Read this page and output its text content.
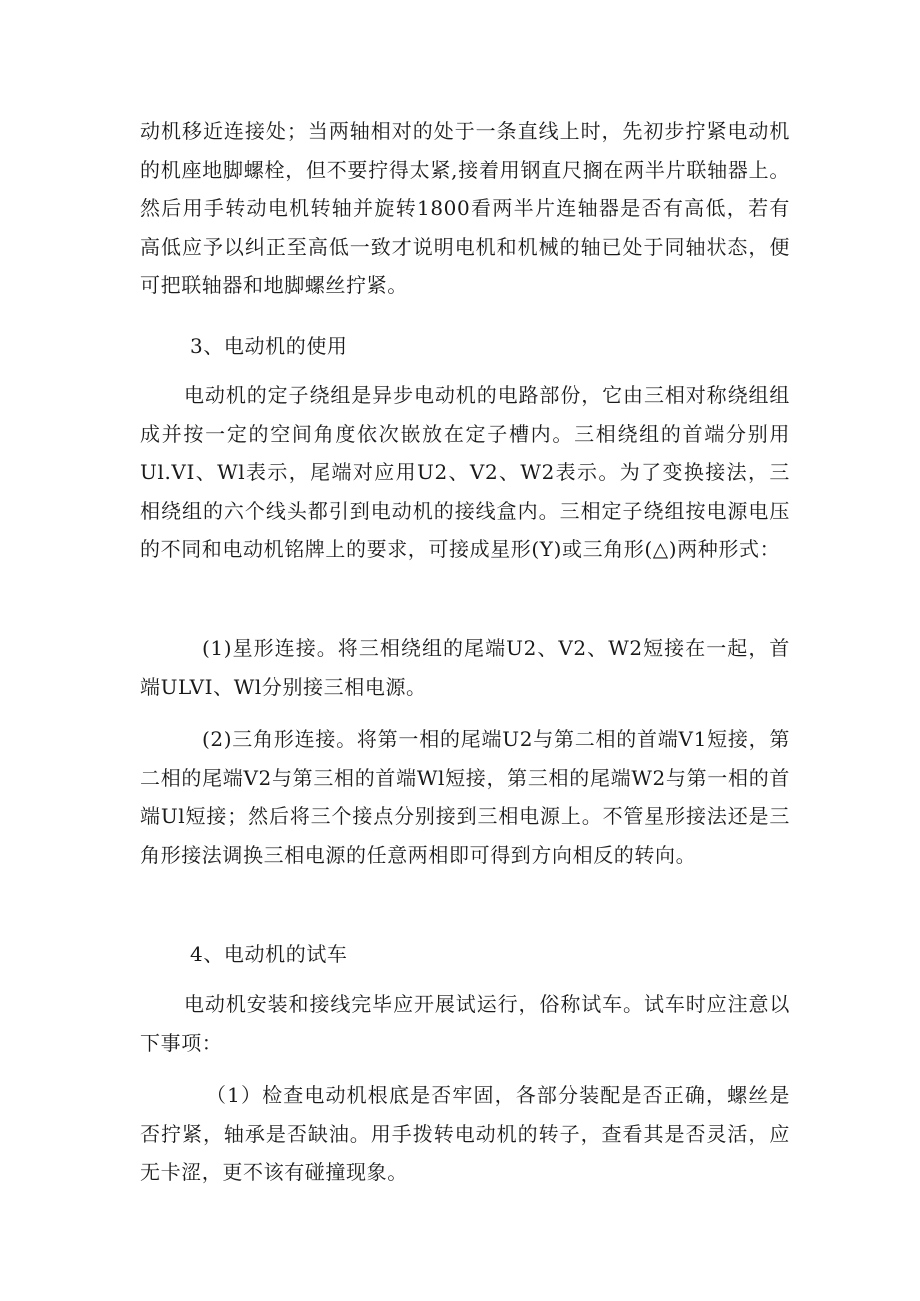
动机移近连接处；当两轴相对的处于一条直线上时，先初步拧紧电动机的机座地脚螺栓，但不要拧得太紧,接着用钢直尺搁在两半片联轴器上。然后用手转动电机转轴并旋转1800看两半片连轴器是否有高低，若有高低应予以纠正至高低一致才说明电机和机械的轴已处于同轴状态，便可把联轴器和地脚螺丝拧紧。

3、电动机的使用

电动机的定子绕组是异步电动机的电路部份，它由三相对称绕组组成并按一定的空间角度依次嵌放在定子槽内。三相绕组的首端分别用Ul.VI、Wl表示，尾端对应用U2、V2、W2表示。为了变换接法，三相绕组的六个线头都引到电动机的接线盒内。三相定子绕组按电源电压的不同和电动机铭牌上的要求，可接成星形(Y)或三角形(△)两种形式：

(1)星形连接。将三相绕组的尾端U2、V2、W2短接在一起，首端ULVI、Wl分别接三相电源。

(2)三角形连接。将第一相的尾端U2与第二相的首端V1短接，第二相的尾端V2与第三相的首端Wl短接，第三相的尾端W2与第一相的首端Ul短接；然后将三个接点分别接到三相电源上。不管星形接法还是三角形接法调换三相电源的任意两相即可得到方向相反的转向。

4、电动机的试车

电动机安装和接线完毕应开展试运行，俗称试车。试车时应注意以下事项：

（1）检查电动机根底是否牢固，各部分装配是否正确，螺丝是否拧紧，轴承是否缺油。用手拨转电动机的转子，查看其是否灵活，应无卡涩，更不该有碰撞现象。
